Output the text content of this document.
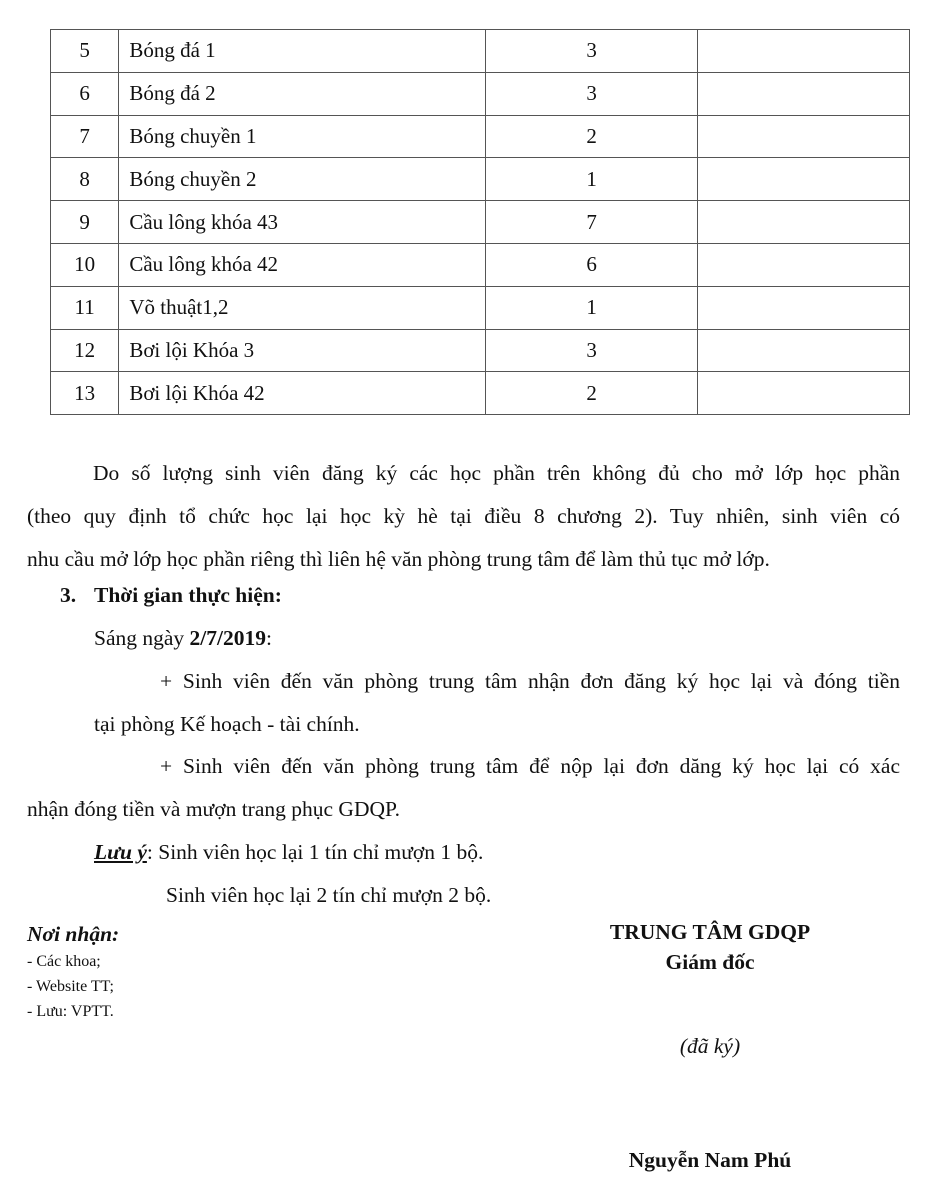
5	Bóng đá 1	3	
6	Bóng đá 2	3	
7	Bóng chuyền 1	2	
8	Bóng chuyền 2	1	
9	Cầu lông khóa 43	7	
10	Cầu lông khóa 42	6	
11	Võ thuật1,2	1	
12	Bơi lội Khóa 3	3	
13	Bơi lội Khóa 42	2	
Do số lượng sinh viên đăng ký các học phần trên không đủ cho mở lớp học phần
(theo quy định tổ chức học lại học kỳ hè tại điều 8 chương 2). Tuy nhiên, sinh viên có
nhu cầu mở lớp học phần riêng thì liên hệ văn phòng trung tâm để làm thủ tục mở lớp.
3. Thời gian thực hiện:
Sáng ngày 2/7/2019:
+ Sinh viên đến văn phòng trung tâm nhận đơn đăng ký học lại và đóng tiền
tại phòng Kế hoạch - tài chính.
+ Sinh viên đến văn phòng trung tâm để nộp lại đơn dăng ký học lại có xác
nhận đóng tiền và mượn trang phục GDQP.
Lưu ý: Sinh viên học lại 1 tín chỉ mượn 1 bộ.
Sinh viên học lại 2 tín chỉ mượn 2 bộ.
Nơi nhận:
- Các khoa;
- Website TT;
- Lưu: VPTT.
TRUNG TÂM GDQP
Giám đốc
(đã ký)
Nguyễn Nam Phú
